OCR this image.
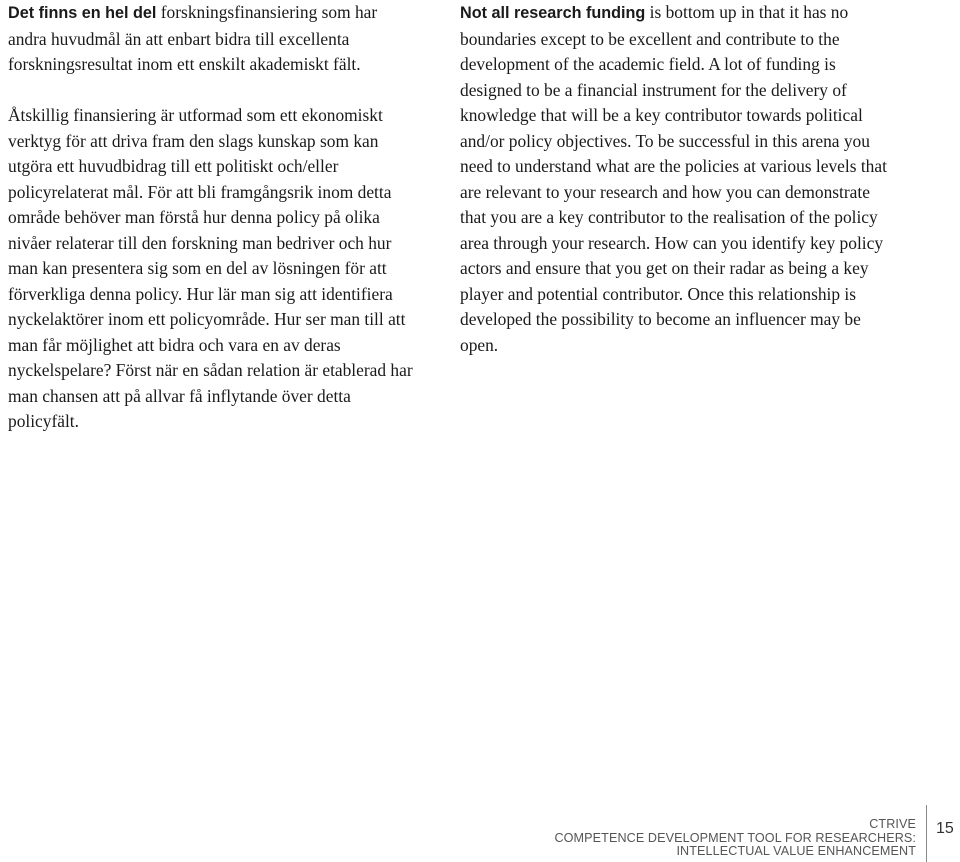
Det finns en hel del forskningsfinansiering som har andra huvudmål än att enbart bidra till excellenta forskningsresultat inom ett enskilt akademiskt fält.

Åtskillig finansiering är utformad som ett ekonomiskt verktyg för att driva fram den slags kunskap som kan utgöra ett huvudbidrag till ett politiskt och/eller policyrelaterat mål. För att bli framgångsrik inom detta område behöver man förstå hur denna policy på olika nivåer relaterar till den forskning man bedriver och hur man kan presentera sig som en del av lösningen för att förverkliga denna policy. Hur lär man sig att identifiera nyckelaktörer inom ett policyområde. Hur ser man till att man får möjlighet att bidra och vara en av deras nyckelspelare? Först när en sådan relation är etablerad har man chansen att på allvar få inflytande över detta policyfält.

Not all research funding is bottom up in that it has no boundaries except to be excellent and contribute to the development of the academic field. A lot of funding is designed to be a financial instrument for the delivery of knowledge that will be a key contributor towards political and/or policy objectives. To be successful in this arena you need to understand what are the policies at various levels that are relevant to your research and how you can demonstrate that you are a key contributor to the realisation of the policy area through your research. How can you identify key policy actors and ensure that you get on their radar as being a key player and potential contributor. Once this relationship is developed the possibility to become an influencer may be open.

CTRIVE
COMPETENCE DEVELOPMENT TOOL FOR RESEARCHERS:
INTELLECTUAL VALUE ENHANCEMENT
15
